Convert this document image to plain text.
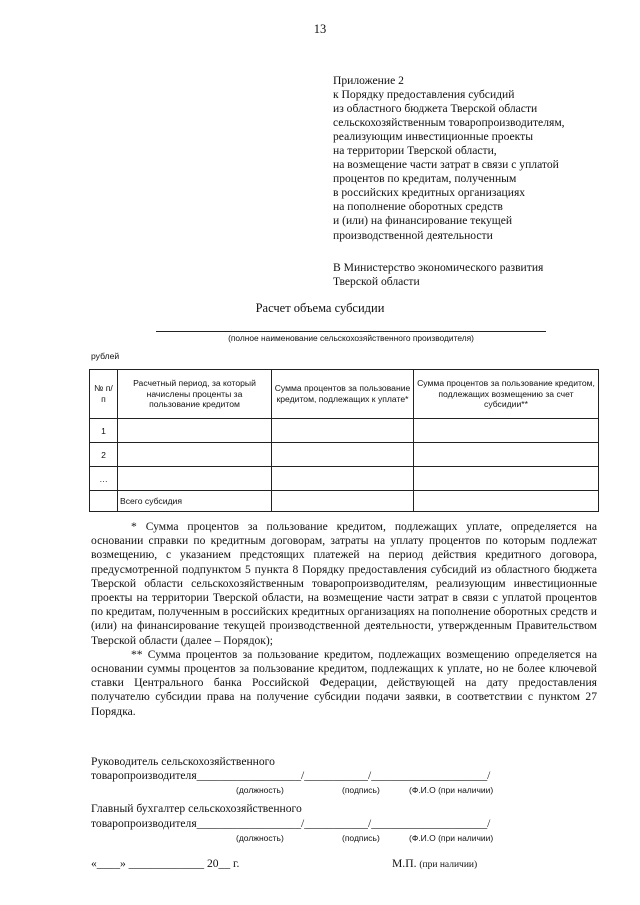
13
Приложение 2
к Порядку предоставления субсидий
из областного бюджета Тверской области
сельскохозяйственным товаропроизводителям,
реализующим инвестиционные проекты
на территории Тверской области,
на возмещение части затрат в связи с уплатой
процентов по кредитам, полученным
в российских кредитных организациях
на пополнение оборотных средств
и (или) на финансирование текущей
производственной деятельности
В Министерство экономического развития
Тверской области
Расчет объема субсидии
(полное наименование сельскохозяйственного производителя)
рублей
№ п/п	Расчетный период, за который начислены проценты за пользование кредитом	Сумма процентов за пользование кредитом, подлежащих к уплате*	Сумма процентов за пользование кредитом, подлежащих возмещению за счет субсидии**
1			
2			
…			
	Всего субсидия		

* Сумма процентов за пользование кредитом, подлежащих уплате, определяется на основании справки по кредитным договорам, затраты на уплату процентов по которым подлежат возмещению, с указанием предстоящих платежей на период действия кредитного договора, предусмотренной подпунктом 5 пункта 8 Порядку предоставления субсидий из областного бюджета Тверской области сельскохозяйственным товаропроизводителям, реализующим инвестиционные проекты на территории Тверской области, на возмещение части затрат в связи с уплатой процентов по кредитам, полученным в российских кредитных организациях на пополнение оборотных средств и (или) на финансирование текущей производственной деятельности, утвержденным Правительством Тверской области (далее – Порядок);

** Сумма процентов за пользование кредитом, подлежащих возмещению определяется на основании суммы процентов за пользование кредитом, подлежащих к уплате, но не более ключевой ставки Центрального банка Российской Федерации, действующей на дату предоставления получателю субсидии права на получение субсидии подачи заявки, в соответствии с пунктом 27 Порядка.

Руководитель сельскохозяйственного
товаропроизводителя__________________/___________/____________________/
(должность)	(подпись)	(Ф.И.О (при наличии)
Главный бухгалтер сельскохозяйственного
товаропроизводителя__________________/___________/____________________/
(должность)	(подпись)	(Ф.И.О (при наличии)
«____» _____________ 20__ г.	М.П. (при наличии)
